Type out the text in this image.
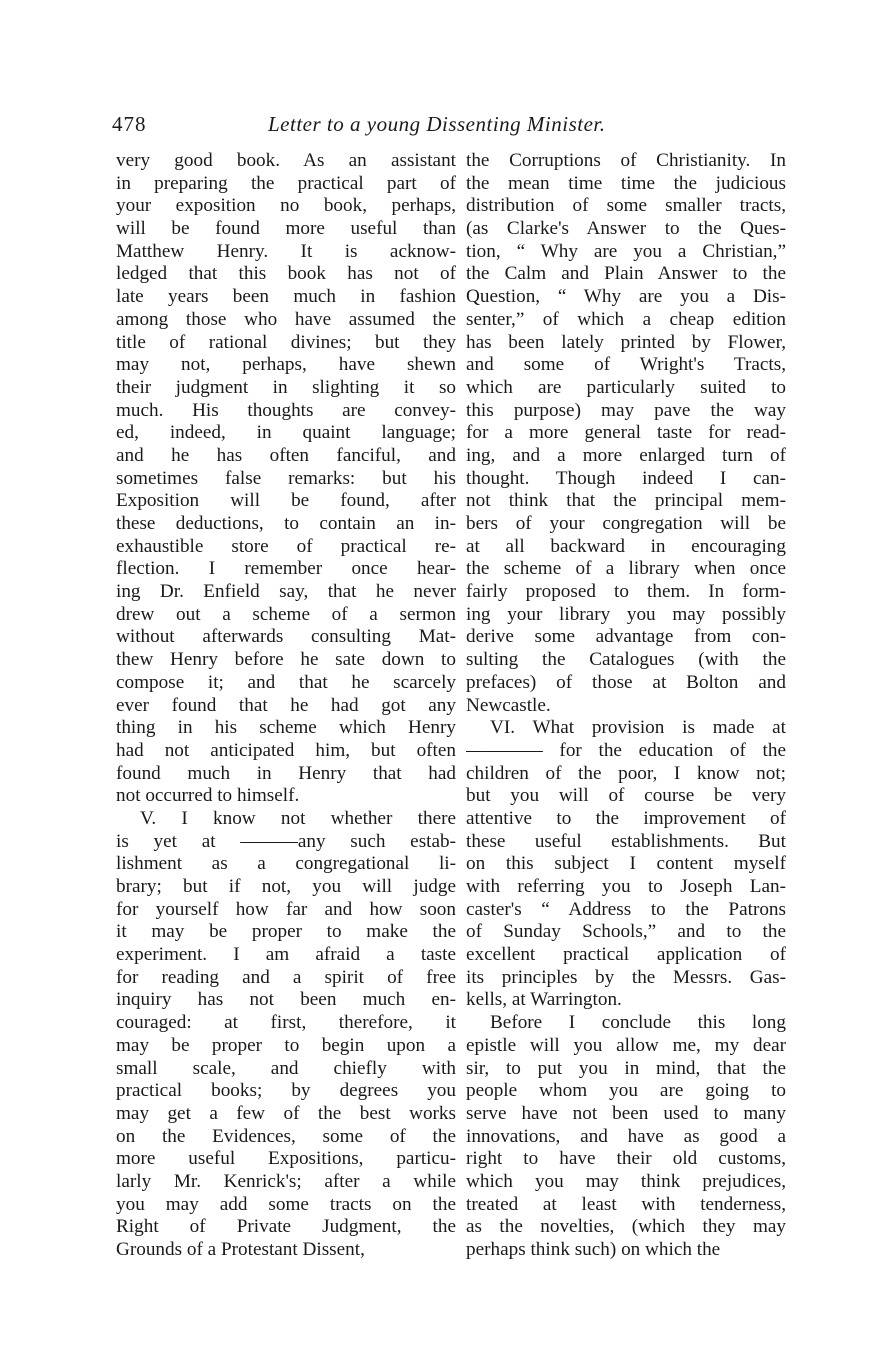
478	Letter to a young Dissenting Minister.
very good book. As an assistant
in preparing the practical part of
your exposition no book, perhaps,
will be found more useful than
Matthew Henry. It is acknow-
ledged that this book has not of
late years been much in fashion
among those who have assumed the
title of rational divines; but they
may not, perhaps, have shewn
their judgment in slighting it so
much. His thoughts are convey-
ed, indeed, in quaint language;
and he has often fanciful, and
sometimes false remarks: but his
Exposition will be found, after
these deductions, to contain an in-
exhaustible store of practical re-
flection. I remember once hear-
ing Dr. Enfield say, that he never
drew out a scheme of a sermon
without afterwards consulting Mat-
thew Henry before he sate down to
compose it; and that he scarcely
ever found that he had got any
thing in his scheme which Henry
had not anticipated him, but often
found much in Henry that had
not occurred to himself.
V. I know not whether there
is yet at ———any such estab-
lishment as a congregational li-
brary; but if not, you will judge
for yourself how far and how soon
it may be proper to make the
experiment. I am afraid a taste
for reading and a spirit of free
inquiry has not been much en-
couraged: at first, therefore, it
may be proper to begin upon a
small scale, and chiefly with
practical books; by degrees you
may get a few of the best works
on the Evidences, some of the
more useful Expositions, particu-
larly Mr. Kenrick's; after a while
you may add some tracts on the
Right of Private Judgment, the
Grounds of a Protestant Dissent,
the Corruptions of Christianity. In
the mean time time the judicious
distribution of some smaller tracts,
(as Clarke's Answer to the Ques-
tion, “ Why are you a Christian,”
the Calm and Plain Answer to the
Question, “ Why are you a Dis-
senter,” of which a cheap edition
has been lately printed by Flower,
and some of Wright's Tracts,
which are particularly suited to
this purpose) may pave the way
for a more general taste for read-
ing, and a more enlarged turn of
thought. Though indeed I can-
not think that the principal mem-
bers of your congregation will be
at all backward in encouraging
the scheme of a library when once
fairly proposed to them. In form-
ing your library you may possibly
derive some advantage from con-
sulting the Catalogues (with the
prefaces) of those at Bolton and
Newcastle.
VI. What provision is made at
———— for the education of the
children of the poor, I know not;
but you will of course be very
attentive to the improvement of
these useful establishments. But
on this subject I content myself
with referring you to Joseph Lan-
caster's “ Address to the Patrons
of Sunday Schools,” and to the
excellent practical application of
its principles by the Messrs. Gas-
kells, at Warrington.
Before I conclude this long
epistle will you allow me, my dear
sir, to put you in mind, that the
people whom you are going to
serve have not been used to many
innovations, and have as good a
right to have their old customs,
which you may think prejudices,
treated at least with tenderness,
as the novelties, (which they may
perhaps think such) on which the
